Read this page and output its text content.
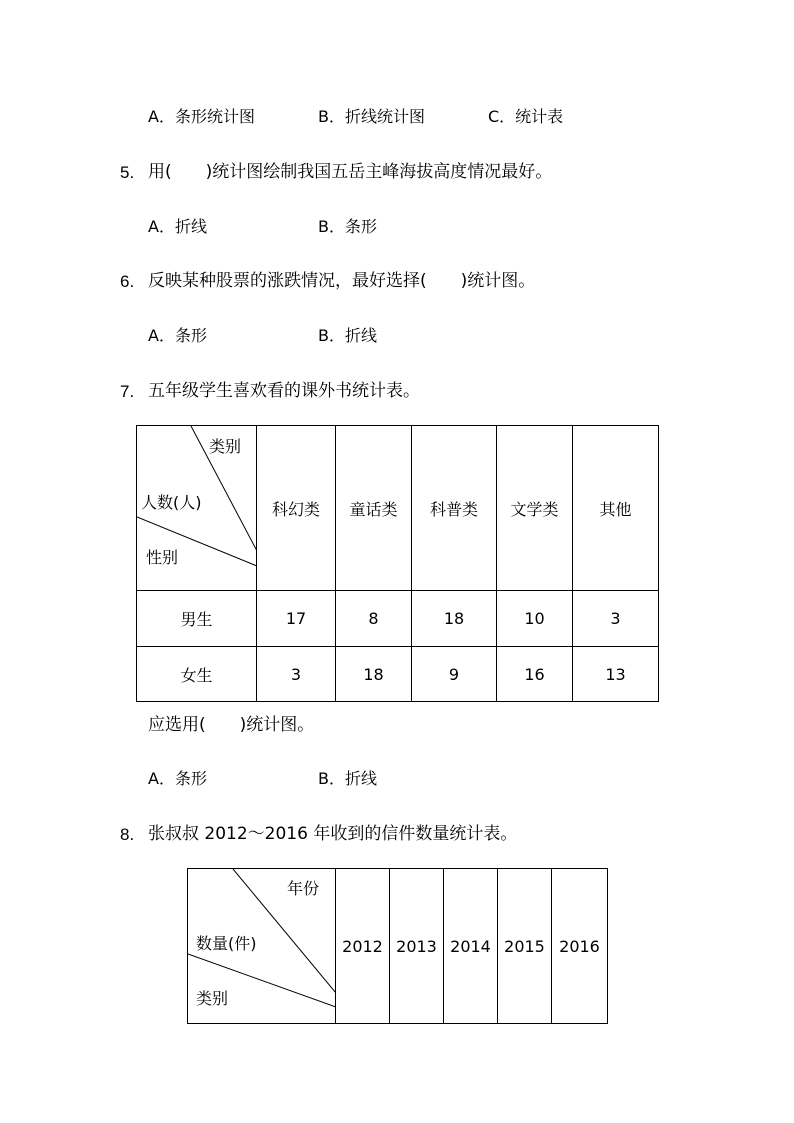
A．条形统计图	B．折线统计图	C．统计表
5. 用(　　)统计图绘制我国五岳主峰海拔高度情况最好。
A．折线	B．条形
6. 反映某种股票的涨跌情况，最好选择(　　)统计图。
A．条形	B．折线
7. 五年级学生喜欢看的课外书统计表。
类别
人数(人)
性别	科幻类	童话类	科普类	文学类	其他
男生	17	8	18	10	3
女生	3	18	9	16	13
应选用(　　)统计图。
A．条形	B．折线
8. 张叔叔 2012～2016 年收到的信件数量统计表。
年份
数量(件)
类别
	2012	2013	2014	2015	2016
